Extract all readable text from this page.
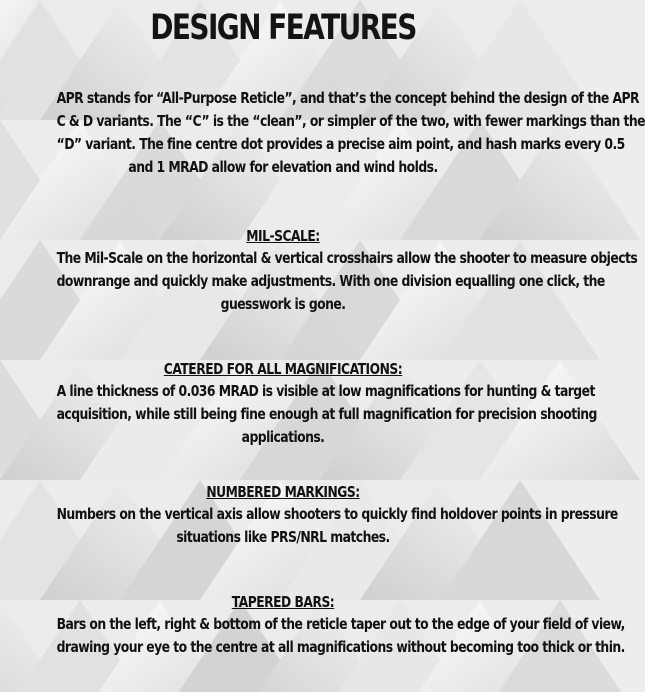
DESIGN FEATURES
APR stands for “All-Purpose Reticle”, and that’s the concept behind the design of the APR
C & D variants. The “C” is the “clean”, or simpler of the two, with fewer markings than the
“D” variant. The fine centre dot provides a precise aim point, and hash marks every 0.5
and 1 MRAD allow for elevation and wind holds.
MIL-SCALE:
The Mil-Scale on the horizontal & vertical crosshairs allow the shooter to measure objects
downrange and quickly make adjustments. With one division equalling one click, the
guesswork is gone.
CATERED FOR ALL MAGNIFICATIONS:
A line thickness of 0.036 MRAD is visible at low magnifications for hunting & target
acquisition, while still being fine enough at full magnification for precision shooting
applications.
NUMBERED MARKINGS:
Numbers on the vertical axis allow shooters to quickly find holdover points in pressure
situations like PRS/NRL matches.
TAPERED BARS:
Bars on the left, right & bottom of the reticle taper out to the edge of your field of view,
drawing your eye to the centre at all magnifications without becoming too thick or thin.
